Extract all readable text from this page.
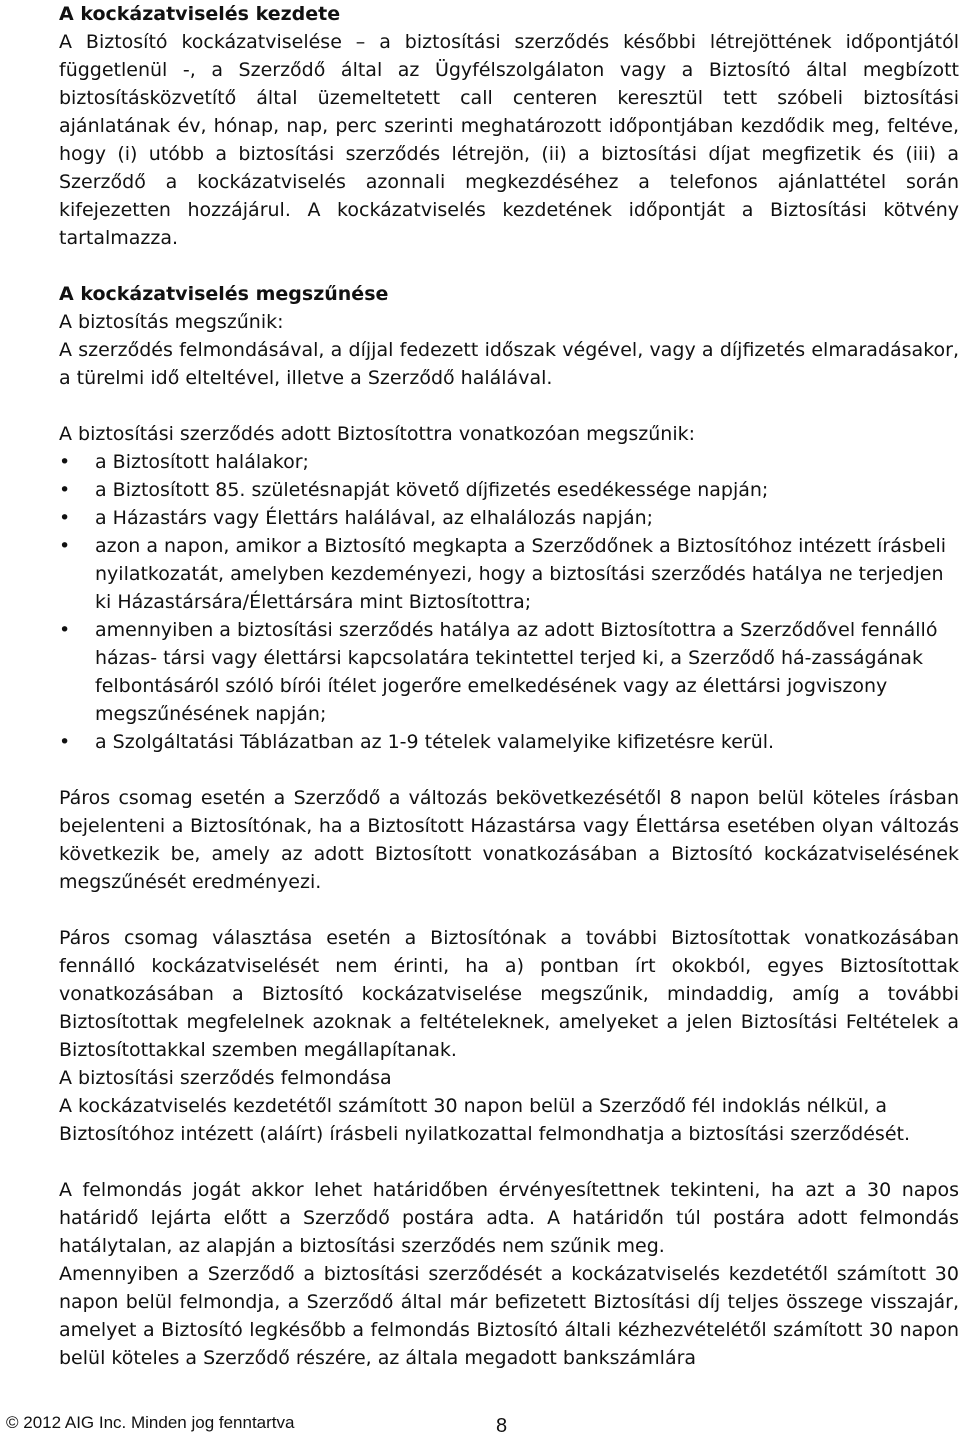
A kockázatviselés kezdete

A Biztosító kockázatviselése – a biztosítási szerződés későbbi létrejöttének időpontjától függetlenül -, a Szerződő által az Ügyfélszolgálaton vagy a Biztosító által megbízott biztosításközvetítő által üzemeltetett call centeren keresztül tett szóbeli biztosítási ajánlatának év, hónap, nap, perc szerinti meghatározott időpontjában kezdődik meg, feltéve, hogy (i) utóbb a biztosítási szerződés létrejön, (ii) a biztosítási díjat megfizetik és (iii) a Szerződő a kockázatviselés azonnali megkezdéséhez a telefonos ajánlattétel során kifejezetten hozzájárul. A kockázatviselés kezdetének időpontját a Biztosítási kötvény tartalmazza.

A kockázatviselés megszűnése

A biztosítás megszűnik:

A szerződés felmondásával, a díjjal fedezett időszak végével, vagy a díjfizetés elmaradásakor, a türelmi idő elteltével, illetve a Szerződő halálával.

A biztosítási szerződés adott Biztosítottra vonatkozóan megszűnik:

• a Biztosított halálakor;
• a Biztosított 85. születésnapját követő díjfizetés esedékessége napján;
• a Házastárs vagy Élettárs halálával, az elhalálozás napján;
• azon a napon, amikor a Biztosító megkapta a Szerződőnek a Biztosítóhoz intézett írásbeli nyilatkozatát, amelyben kezdeményezi, hogy a biztosítási szerződés hatálya ne terjedjen ki Házastársára/Élettársára mint Biztosítottra;
• amennyiben a biztosítási szerződés hatálya az adott Biztosítottra a Szerződővel fennálló házas- társi vagy élettársi kapcsolatára tekintettel terjed ki, a Szerződő há-zasságának felbontásáról szóló bírói ítélet jogerőre emelkedésének vagy az élettársi jogviszony megszűnésének napján;
• a Szolgáltatási Táblázatban az 1-9 tételek valamelyike kifizetésre kerül.

Páros csomag esetén a Szerződő a változás bekövetkezésétől 8 napon belül köteles írásban bejelenteni a Biztosítónak, ha a Biztosított Házastársa vagy Élettársa esetében olyan változás következik be, amely az adott Biztosított vonatkozásában a Biztosító kockázatviselésének megszűnését eredményezi.

Páros csomag választása esetén a Biztosítónak a további Biztosítottak vonatkozásában fennálló kockázatviselését nem érinti, ha a) pontban írt okokból, egyes Biztosítottak vonatkozásában a Biztosító kockázatviselése megszűnik, mindaddig, amíg a további Biztosítottak megfelelnek azoknak a feltételeknek, amelyeket a jelen Biztosítási Feltételek a Biztosítottakkal szemben megállapítanak.

A biztosítási szerződés felmondása

A kockázatviselés kezdetétől számított 30 napon belül a Szerződő fél indoklás nélkül, a

Biztosítóhoz intézett (aláírt) írásbeli nyilatkozattal felmondhatja a biztosítási szerződését.

A felmondás jogát akkor lehet határidőben érvényesítettnek tekinteni, ha azt a 30 napos határidő lejárta előtt a Szerződő postára adta. A határidőn túl postára adott felmondás hatálytalan, az alapján a biztosítási szerződés nem szűnik meg.

Amennyiben a Szerződő a biztosítási szerződését a kockázatviselés kezdetétől számított 30 napon belül felmondja, a Szerződő által már befizetett Biztosítási díj teljes összege visszajár, amelyet a Biztosító legkésőbb a felmondás Biztosító általi kézhezvételétől számított 30 napon belül köteles a Szerződő részére, az általa megadott bankszámlára

© 2012 AIG Inc. Minden jog fenntartva	8
